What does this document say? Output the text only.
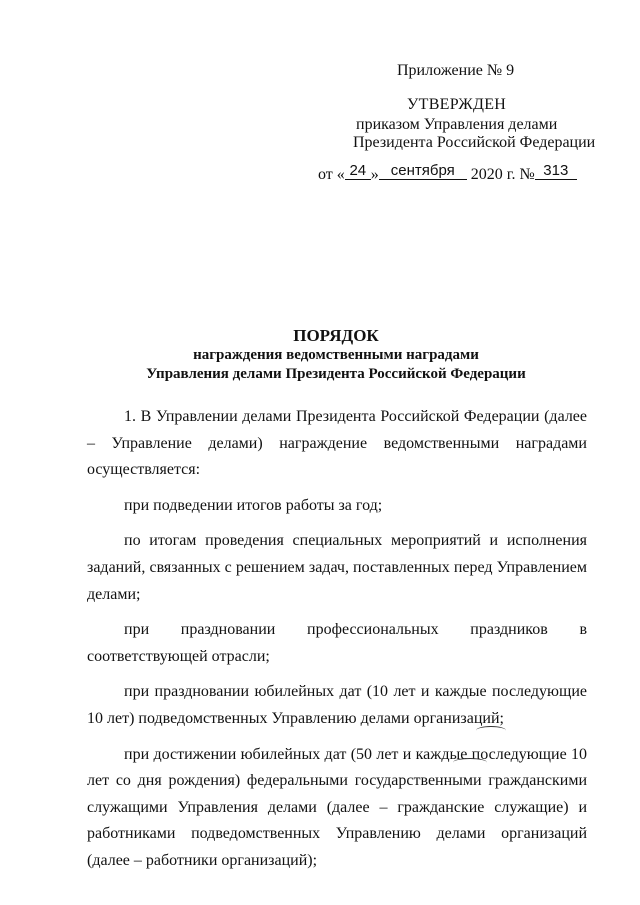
Приложение № 9
УТВЕРЖДЕН
приказом Управления делами
Президента Российской Федерации
от « 24 » сентября 2020 г. № 313
ПОРЯДОК
награждения ведомственными наградами
Управления делами Президента Российской Федерации

1. В Управлении делами Президента Российской Федерации (далее – Управление делами) награждение ведомственными наградами осуществляется:

при подведении итогов работы за год;

по итогам проведения специальных мероприятий и исполнения заданий, связанных с решением задач, поставленных перед Управлением делами;

при праздновании профессиональных праздников в соответствующей отрасли;

при праздновании юбилейных дат (10 лет и каждые последующие 10 лет) подведомственных Управлению делами организаций;

при достижении юбилейных дат (50 лет и каждые последующие 10 лет со дня рождения) федеральными государственными гражданскими служащими Управления делами (далее – гражданские служащие) и работниками подведомственных Управлению делами организаций (далее – работники организаций);
